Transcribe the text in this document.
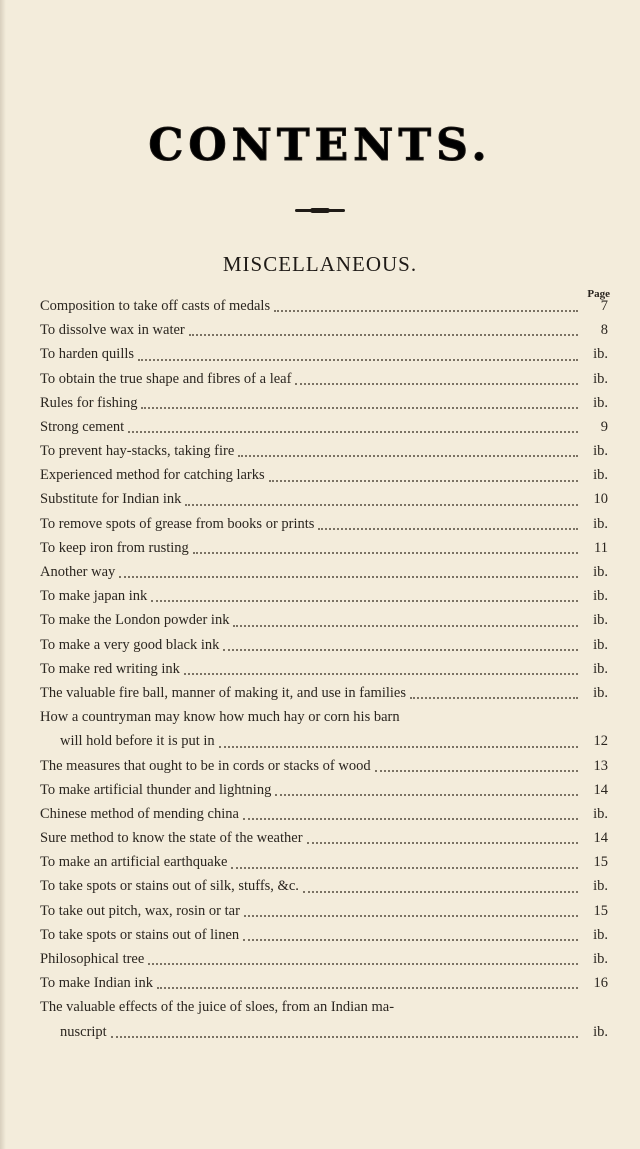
CONTENTS.
MISCELLANEOUS.
Page
Composition to take off casts of medals	7
To dissolve wax in water	8
To harden quills	ib.
To obtain the true shape and fibres of a leaf	ib.
Rules for fishing	ib.
Strong cement	9
To prevent hay-stacks, taking fire	ib.
Experienced method for catching larks	ib.
Substitute for Indian ink	10
To remove spots of grease from books or prints	ib.
To keep iron from rusting	11
Another way	ib.
To make japan ink	ib.
To make the London powder ink	ib.
To make a very good black ink	ib.
To make red writing ink	ib.
The valuable fire ball, manner of making it, and use in families	ib.
How a countryman may know how much hay or corn his barn
will hold before it is put in	12
The measures that ought to be in cords or stacks of wood	13
To make artificial thunder and lightning	14
Chinese method of mending china	ib.
Sure method to know the state of the weather	14
To make an artificial earthquake	15
To take spots or stains out of silk, stuffs, &c.	ib.
To take out pitch, wax, rosin or tar	15
To take spots or stains out of linen	ib.
Philosophical tree	ib.
To make Indian ink	16
The valuable effects of the juice of sloes, from an Indian ma-
nuscript	ib.
